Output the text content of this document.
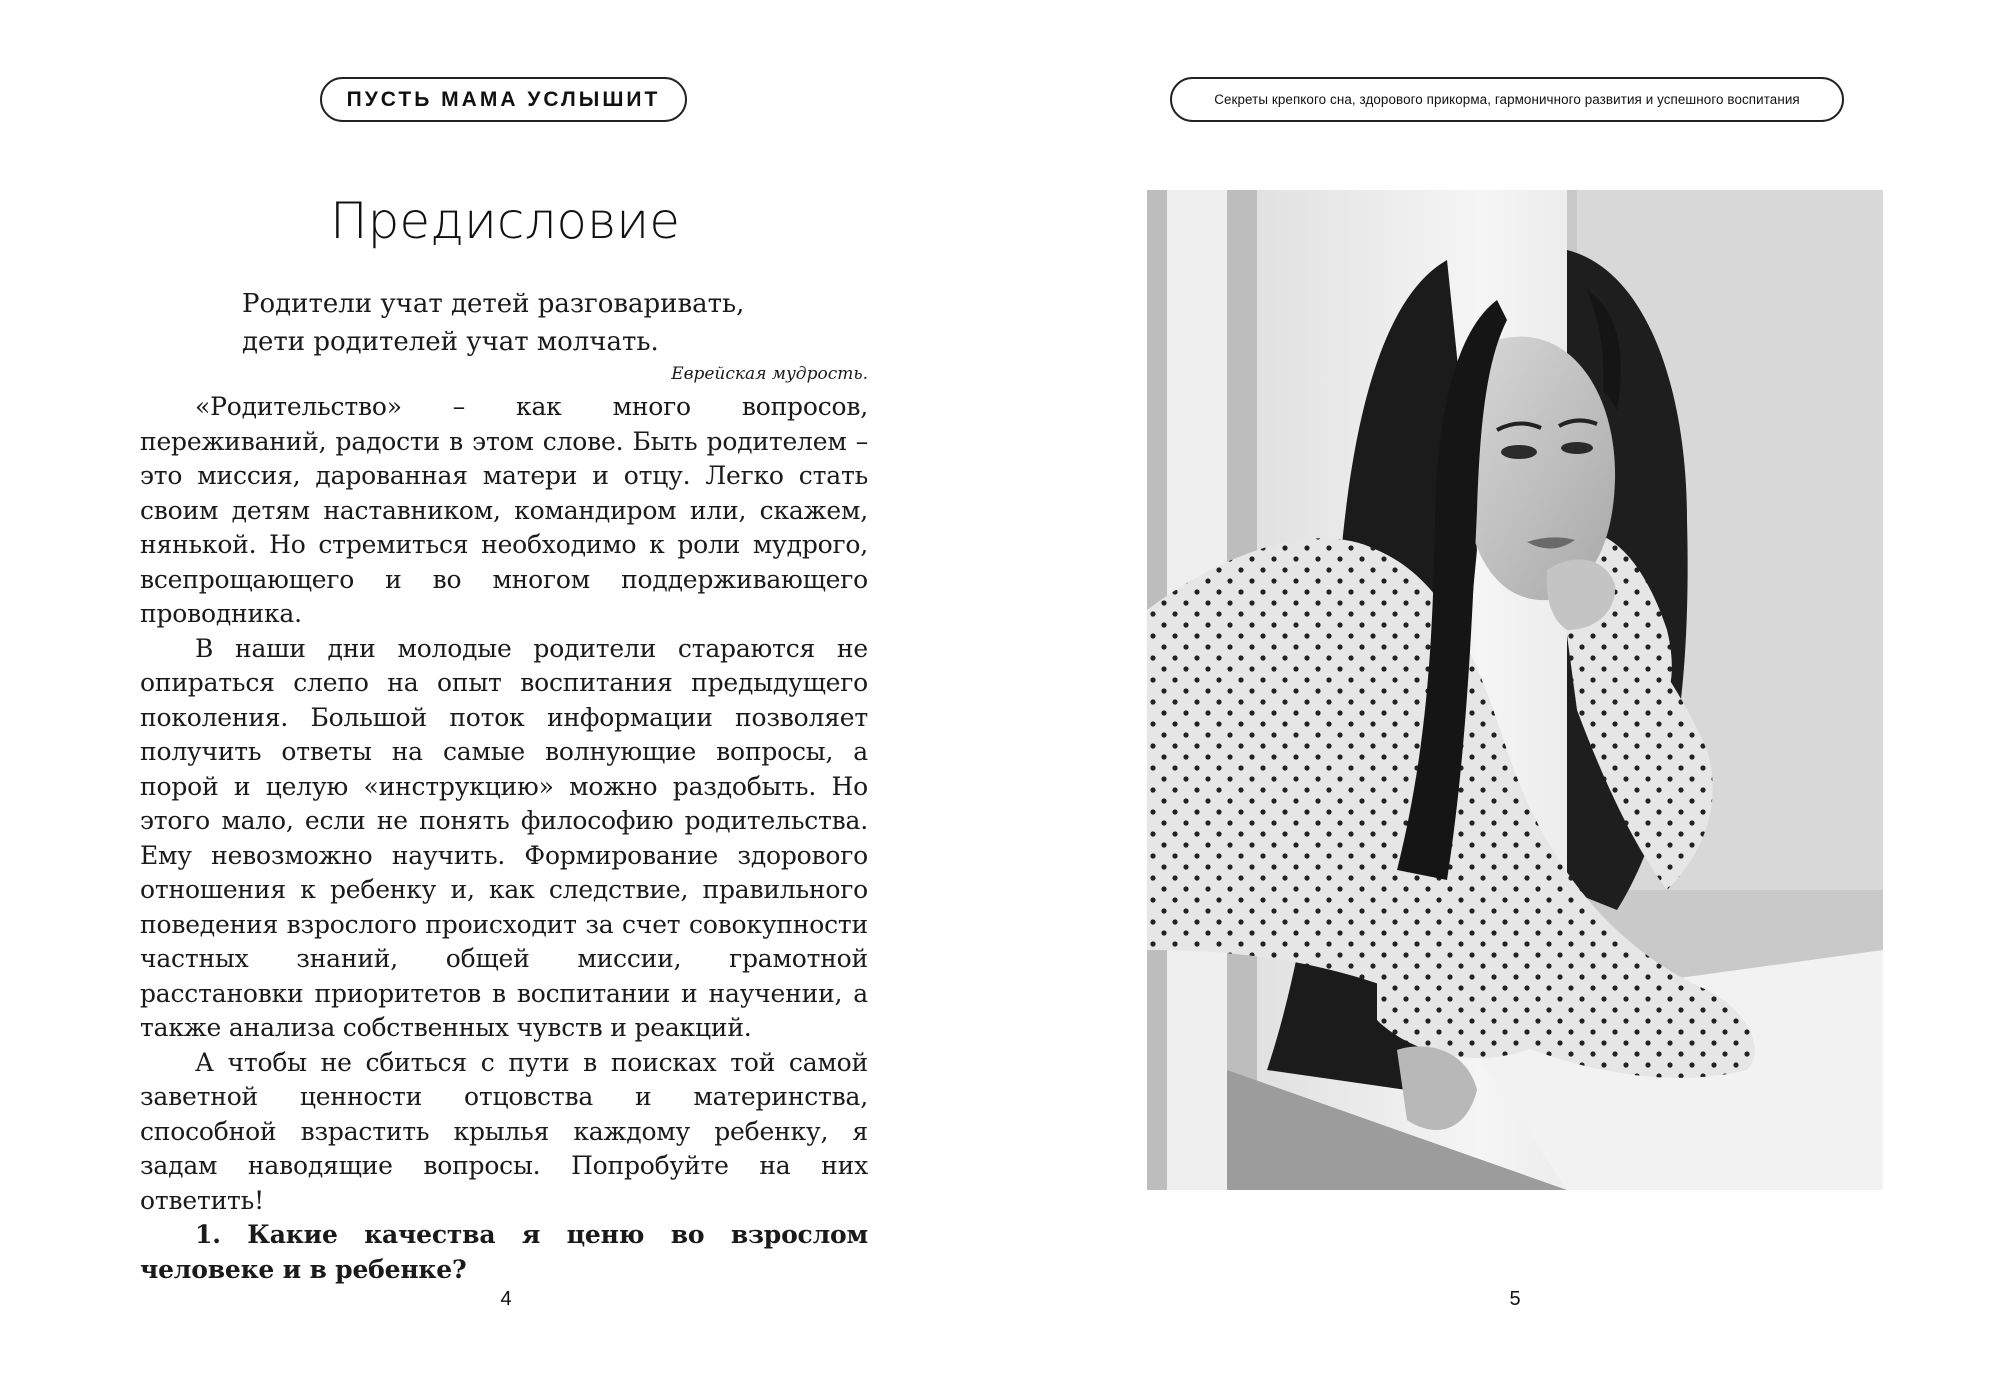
ПУСТЬ МАМА УСЛЫШИТ
Предисловие
Родители учат детей разговаривать,
дети родителей учат молчать.
Еврейская мудрость.

«Родительство» – как много вопросов, переживаний, радости в этом слове. Быть родителем – это миссия, дарованная матери и отцу. Легко стать своим детям наставником, командиром или, скажем, нянькой. Но стремиться необходимо к роли мудрого, всепрощающего и во многом поддерживающего проводника.

В наши дни молодые родители стараются не опираться слепо на опыт воспитания предыдущего поколения. Большой поток информации позволяет получить ответы на самые волнующие вопросы, а порой и целую «инструкцию» можно раздобыть. Но этого мало, если не понять философию родительства. Ему невозможно научить. Формирование здорового отношения к ребенку и, как следствие, правильного поведения взрослого происходит за счет совокупности частных знаний, общей миссии, грамотной расстановки приоритетов в воспитании и научении, а также анализа собственных чувств и реакций.

А чтобы не сбиться с пути в поисках той самой заветной ценности отцовства и материнства, способной взрастить крылья каждому ребенку, я задам наводящие вопросы. Попробуйте на них ответить!

1. Какие качества я ценю во взрослом человеке и в ребенке?

4
Секреты крепкого сна, здорового прикорма, гармоничного развития и успешного воспитания
5
